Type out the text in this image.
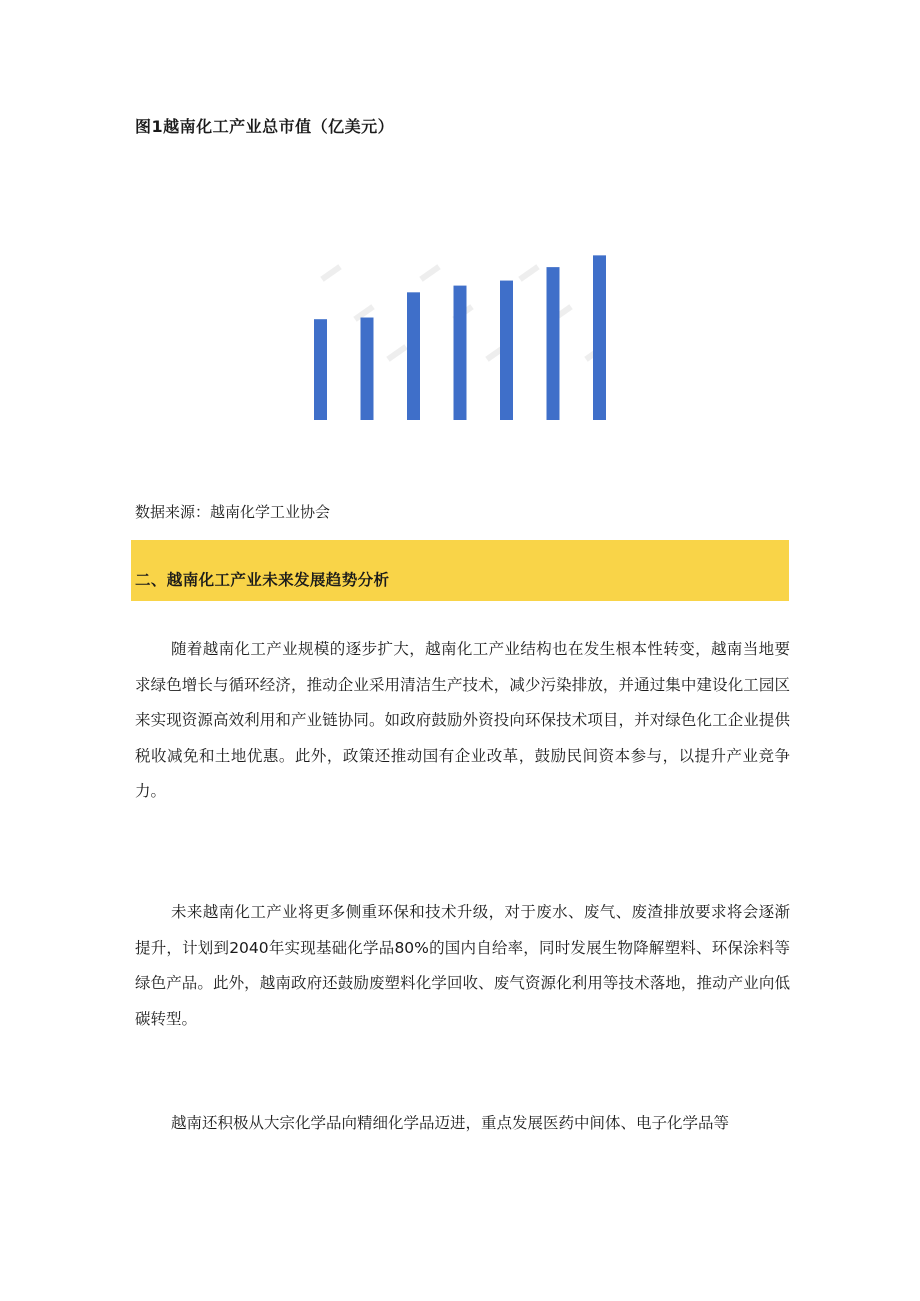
图1越南化工产业总市值（亿美元）
数据来源：越南化学工业协会
二、越南化工产业未来发展趋势分析

随着越南化工产业规模的逐步扩大，越南化工产业结构也在发生根本性转变，越南当地要求绿色增长与循环经济，推动企业采用清洁生产技术，减少污染排放，并通过集中建设化工园区来实现资源高效利用和产业链协同。如政府鼓励外资投向环保技术项目，并对绿色化工企业提供税收减免和土地优惠。此外，政策还推动国有企业改革，鼓励民间资本参与，以提升产业竞争力。

未来越南化工产业将更多侧重环保和技术升级，对于废水、废气、废渣排放要求将会逐渐提升，计划到2040年实现基础化学品80%的国内自给率，同时发展生物降解塑料、环保涂料等绿色产品。此外，越南政府还鼓励废塑料化学回收、废气资源化利用等技术落地，推动产业向低碳转型。

越南还积极从大宗化学品向精细化学品迈进，重点发展医药中间体、电子化学品等
